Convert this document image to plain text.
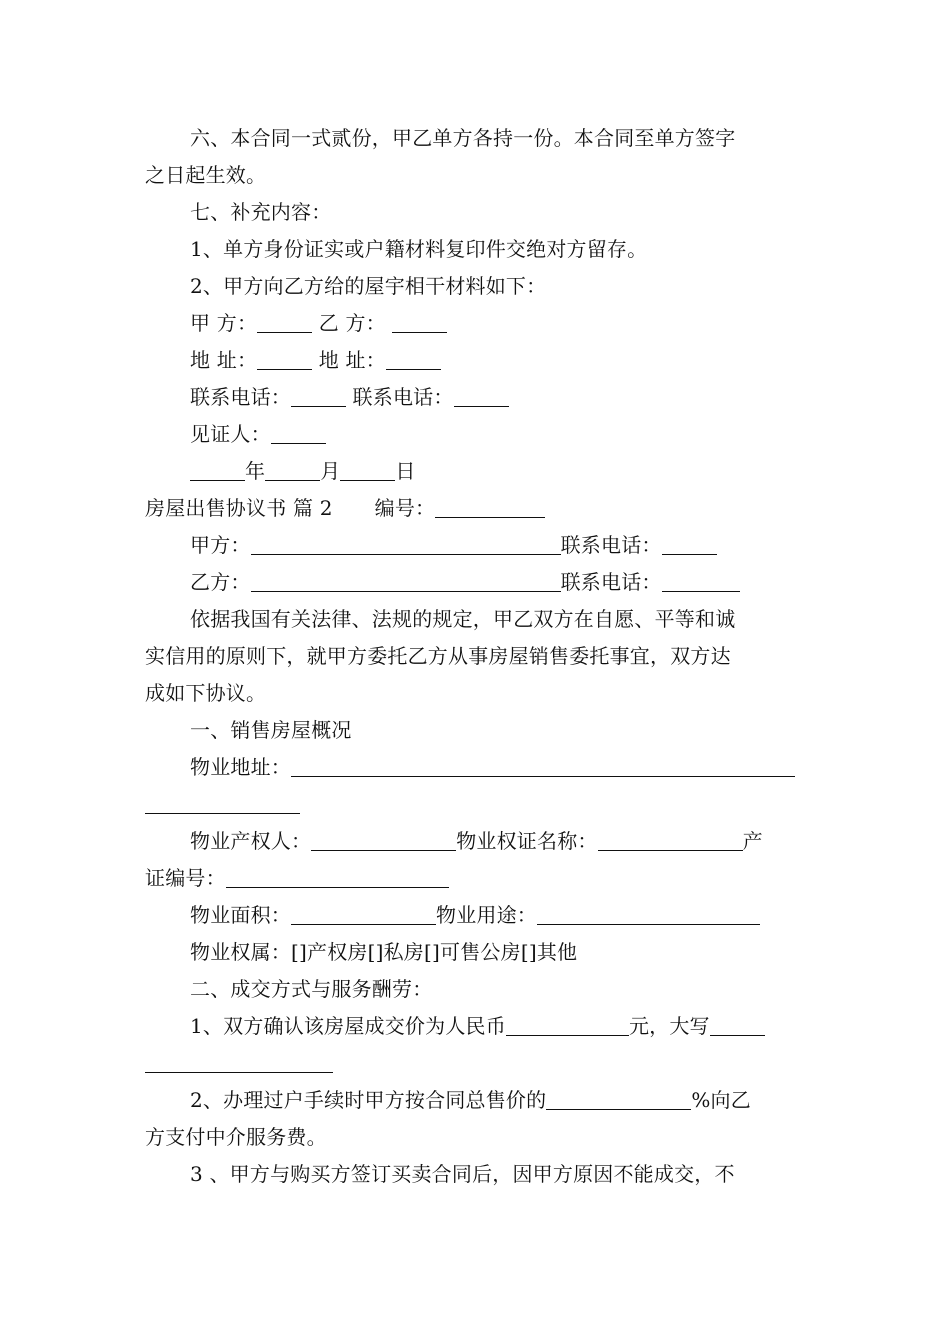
六、本合同一式贰份，甲乙单方各持一份。本合同至单方签字
之日起生效。
七、补充内容：
1、单方身份证实或户籍材料复印件交绝对方留存。
2、甲方向乙方给的屋宇相干材料如下：
甲 方：	乙 方：
地 址：	地 址：
联系电话：	联系电话：
见证人：
年	月	日
房屋出售协议书 篇 2 编号：
甲方：	联系电话：
乙方：	联系电话：
依据我国有关法律、法规的规定，甲乙双方在自愿、平等和诚
实信用的原则下，就甲方委托乙方从事房屋销售委托事宜，双方达
成如下协议。
一、销售房屋概况
物业地址：
物业产权人：	物业权证名称：	产
证编号：
物业面积：	物业用途：
物业权属：[]产权房[]私房[]可售公房[]其他
二、成交方式与服务酬劳：
1、双方确认该房屋成交价为人民币	元，大写
2、办理过户手续时甲方按合同总售价的	%向乙
方支付中介服务费。
3 、甲方与购买方签订买卖合同后，因甲方原因不能成交，不
